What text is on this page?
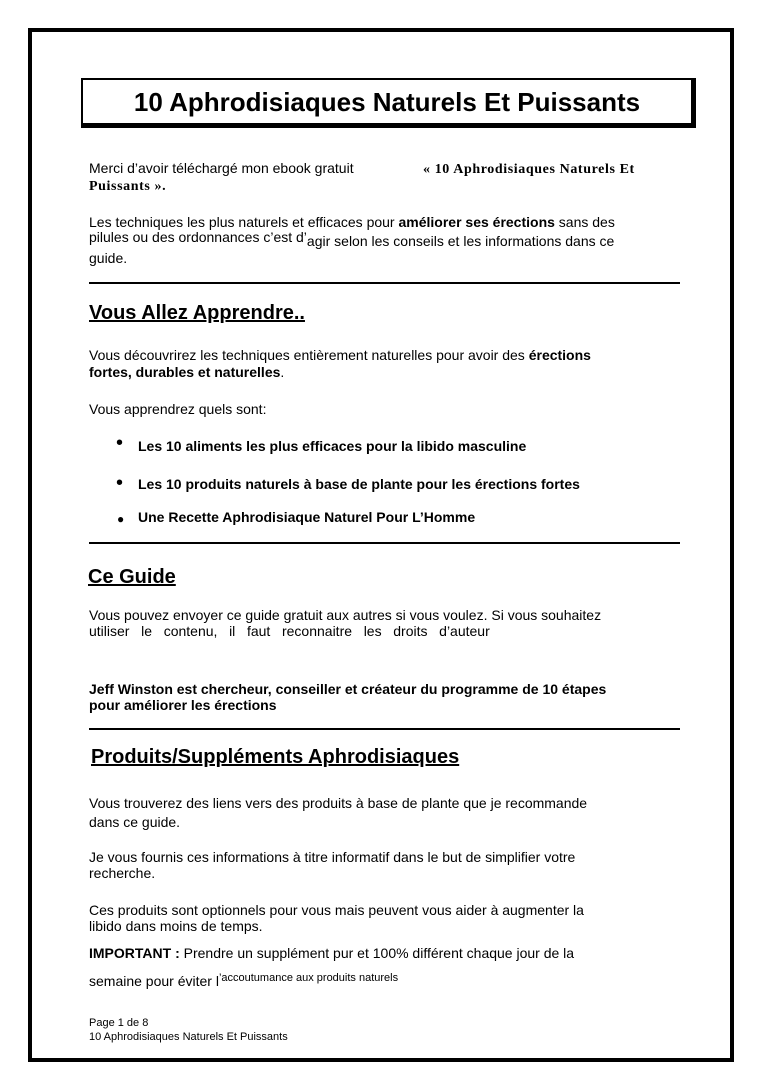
10 Aphrodisiaques Naturels Et Puissants
Merci d’avoir téléchargé mon ebook gratuit	« 10 Aphrodisiaques Naturels Et
Puissants ».
Les techniques les plus naturels et efficaces pour améliorer ses érections sans des
pilules ou des ordonnances c’est d’agir selon les conseils et les informations dans ce
guide.
Vous Allez Apprendre..
Vous découvrirez les techniques entièrement naturelles pour avoir des érections
fortes, durables et naturelles.
Vous apprendrez quels sont:
• Les 10 aliments les plus efficaces pour la libido masculine
• Les 10 produits naturels à base de plante pour les érections fortes
● Une Recette Aphrodisiaque Naturel Pour L’Homme
Ce Guide
Vous pouvez envoyer ce guide gratuit aux autres si vous voulez. Si vous souhaitez
utiliser   le   contenu,   il   faut   reconnaitre   les   droits   d’auteur
Jeff Winston est chercheur, conseiller et créateur du programme de 10 étapes
pour améliorer les érections
Produits/Suppléments Aphrodisiaques
Vous trouverez des liens vers des produits à base de plante que je recommande
dans ce guide.
Je vous fournis ces informations à titre informatif dans le but de simplifier votre
recherche.
Ces produits sont optionnels pour vous mais peuvent vous aider à augmenter la
libido dans moins de temps.
IMPORTANT : Prendre un supplément pur et 100% différent chaque jour de la
semaine pour éviter $l^{’accoutumance aux produits naturels}$
Page 1 de 8
10 Aphrodisiaques Naturels Et Puissants
